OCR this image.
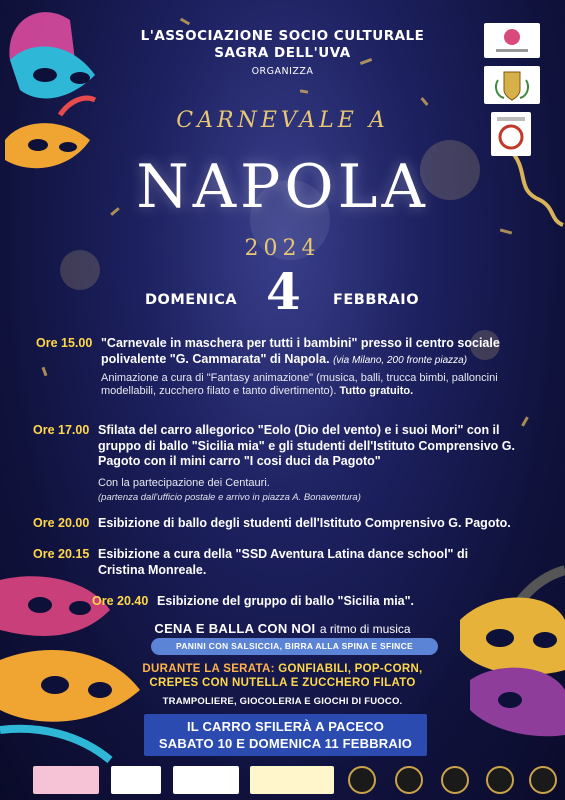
L'ASSOCIAZIONE SOCIO CULTURALE
SAGRA DELL'UVA
ORGANIZZA
CARNEVALE A
NAPOLA
2024
DOMENICA 4 FEBBRAIO
Ore 15.00 "Carnevale in maschera per tutti i bambini" presso il centro sociale polivalente "G. Cammarata" di Napola. (via Milano, 200 fronte piazza)
Animazione a cura di "Fantasy animazione" (musica, balli, trucca bimbi, palloncini modellabili, zucchero filato e tanto divertimento). Tutto gratuito.
Ore 17.00 Sfilata del carro allegorico "Eolo (Dio del vento) e i suoi Mori" con il gruppo di ballo "Sicilia mia" e gli studenti dell'Istituto Comprensivo G. Pagoto con il mini carro "I cosi duci da Pagoto"
Con la partecipazione dei Centauri.
(partenza dall'ufficio postale e arrivo in piazza A. Bonaventura)
Ore 20.00 Esibizione di ballo degli studenti dell'Istituto Comprensivo G. Pagoto.
Ore 20.15 Esibizione a cura della "SSD Aventura Latina dance school" di Cristina Monreale.
Ore 20.40 Esibizione del gruppo di ballo "Sicilia mia".
CENA E BALLA CON NOI a ritmo di musica
PANINI CON SALSICCIA, BIRRA ALLA SPINA E SFINCE
DURANTE LA SERATA: GONFIABILI, POP-CORN,
CREPES CON NUTELLA E ZUCCHERO FILATO
TRAMPOLIERE, GIOCOLERIA E GIOCHI DI FUOCO.
IL CARRO SFILERÀ A PACECO
SABATO 10 E DOMENICA 11 FEBBRAIO
